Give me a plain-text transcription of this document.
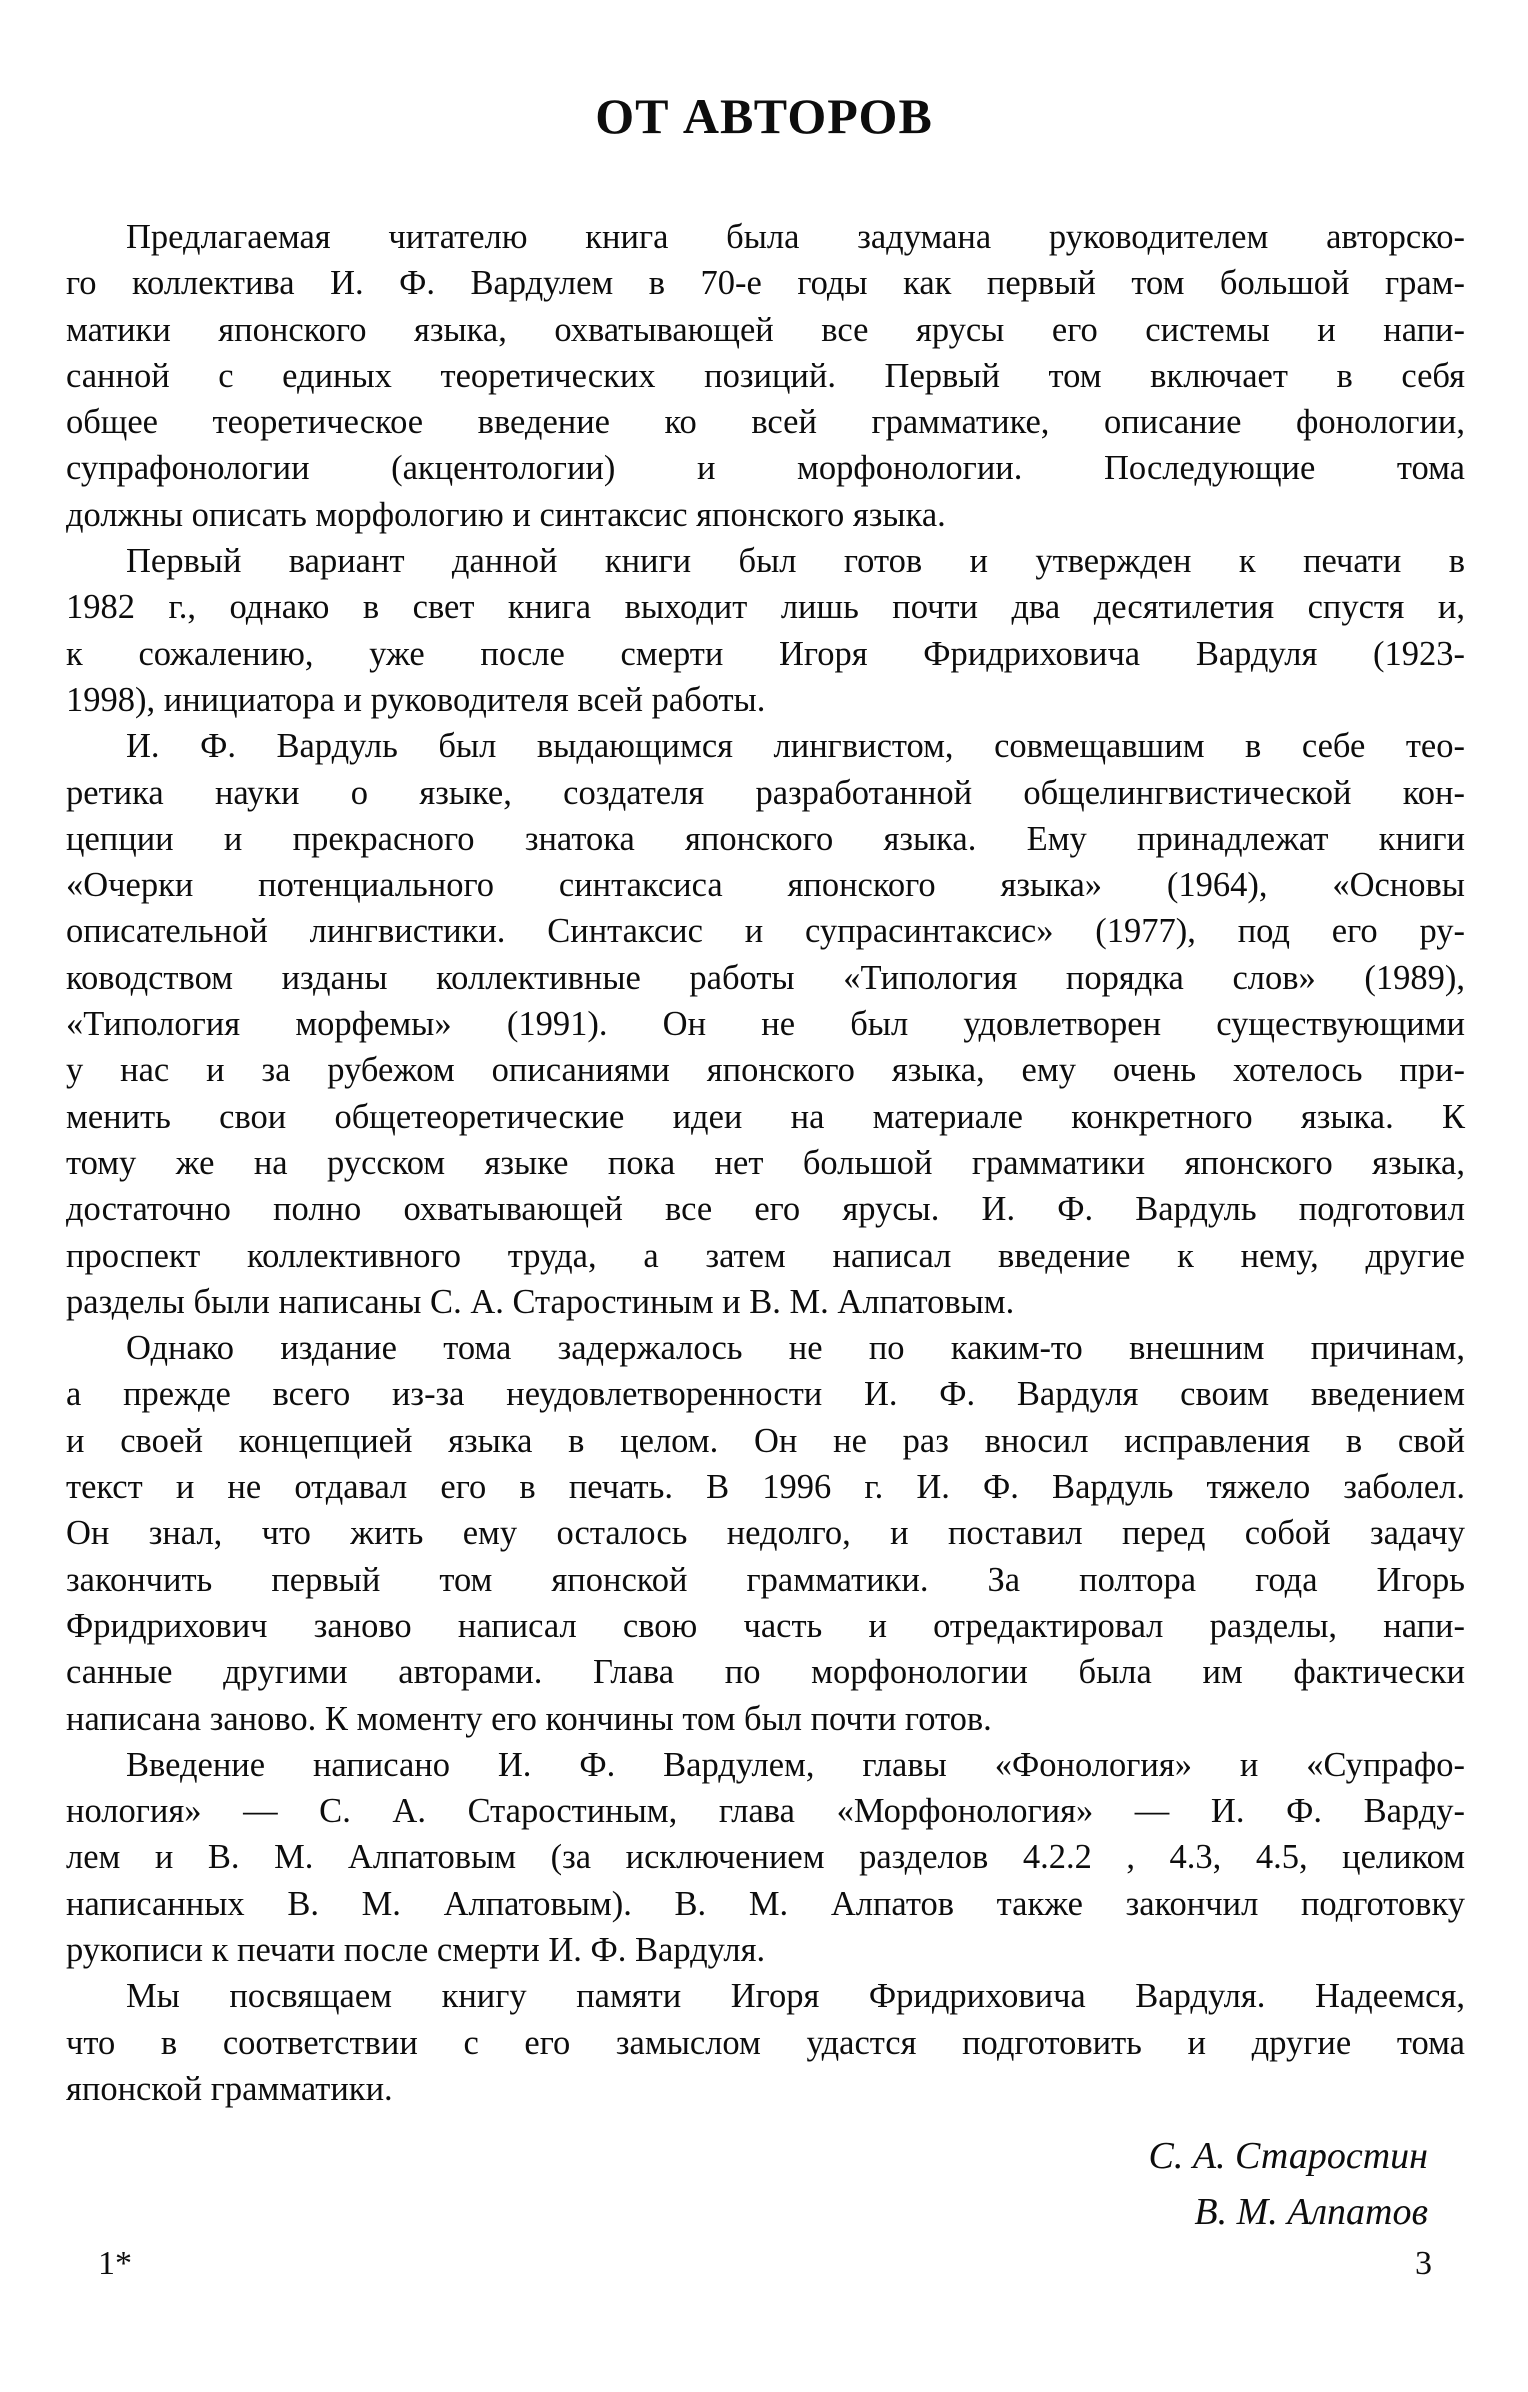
ОТ АВТОРОВ
Предлагаемая читателю книга была задумана руководителем авторско-
го коллектива И. Ф. Вардулем в 70-е годы как первый том большой грам-
матики японского языка, охватывающей все ярусы его системы и напи-
санной с единых теоретических позиций. Первый том включает в себя
общее теоретическое введение ко всей грамматике, описание фонологии,
супрафонологии (акцентологии) и морфонологии. Последующие тома
должны описать морфологию и синтаксис японского языка.
Первый вариант данной книги был готов и утвержден к печати в
1982 г., однако в свет книга выходит лишь почти два десятилетия спустя и,
к сожалению, уже после смерти Игоря Фридриховича Вардуля (1923-
1998), инициатора и руководителя всей работы.
И. Ф. Вардуль был выдающимся лингвистом, совмещавшим в себе тео-
ретика науки о языке, создателя разработанной общелингвистической кон-
цепции и прекрасного знатока японского языка. Ему принадлежат книги
«Очерки потенциального синтаксиса японского языка» (1964), «Основы
описательной лингвистики. Синтаксис и супрасинтаксис» (1977), под его ру-
ководством изданы коллективные работы «Типология порядка слов» (1989),
«Типология морфемы» (1991). Он не был удовлетворен существующими
у нас и за рубежом описаниями японского языка, ему очень хотелось при-
менить свои общетеоретические идеи на материале конкретного языка. К
тому же на русском языке пока нет большой грамматики японского языка,
достаточно полно охватывающей все его ярусы. И. Ф. Вардуль подготовил
проспект коллективного труда, а затем написал введение к нему, другие
разделы были написаны С. А. Старостиным и В. М. Алпатовым.
Однако издание тома задержалось не по каким-то внешним причинам,
а прежде всего из-за неудовлетворенности И. Ф. Вардуля своим введением
и своей концепцией языка в целом. Он не раз вносил исправления в свой
текст и не отдавал его в печать. В 1996 г. И. Ф. Вардуль тяжело заболел.
Он знал, что жить ему осталось недолго, и поставил перед собой задачу
закончить первый том японской грамматики. За полтора года Игорь
Фридрихович заново написал свою часть и отредактировал разделы, напи-
санные другими авторами. Глава по морфонологии была им фактически
написана заново. К моменту его кончины том был почти готов.
Введение написано И. Ф. Вардулем, главы «Фонология» и «Супрафо-
нология» — С. А. Старостиным, глава «Морфонология» — И. Ф. Варду-
лем и В. М. Алпатовым (за исключением разделов 4.2.2 , 4.3, 4.5, целиком
написанных В. М. Алпатовым). В. М. Алпатов также закончил подготовку
рукописи к печати после смерти И. Ф. Вардуля.
Мы посвящаем книгу памяти Игоря Фридриховича Вардуля. Надеемся,
что в соответствии с его замыслом удастся подготовить и другие тома
японской грамматики.
С. А. Старостин
В. М. Алпатов
1*	3
